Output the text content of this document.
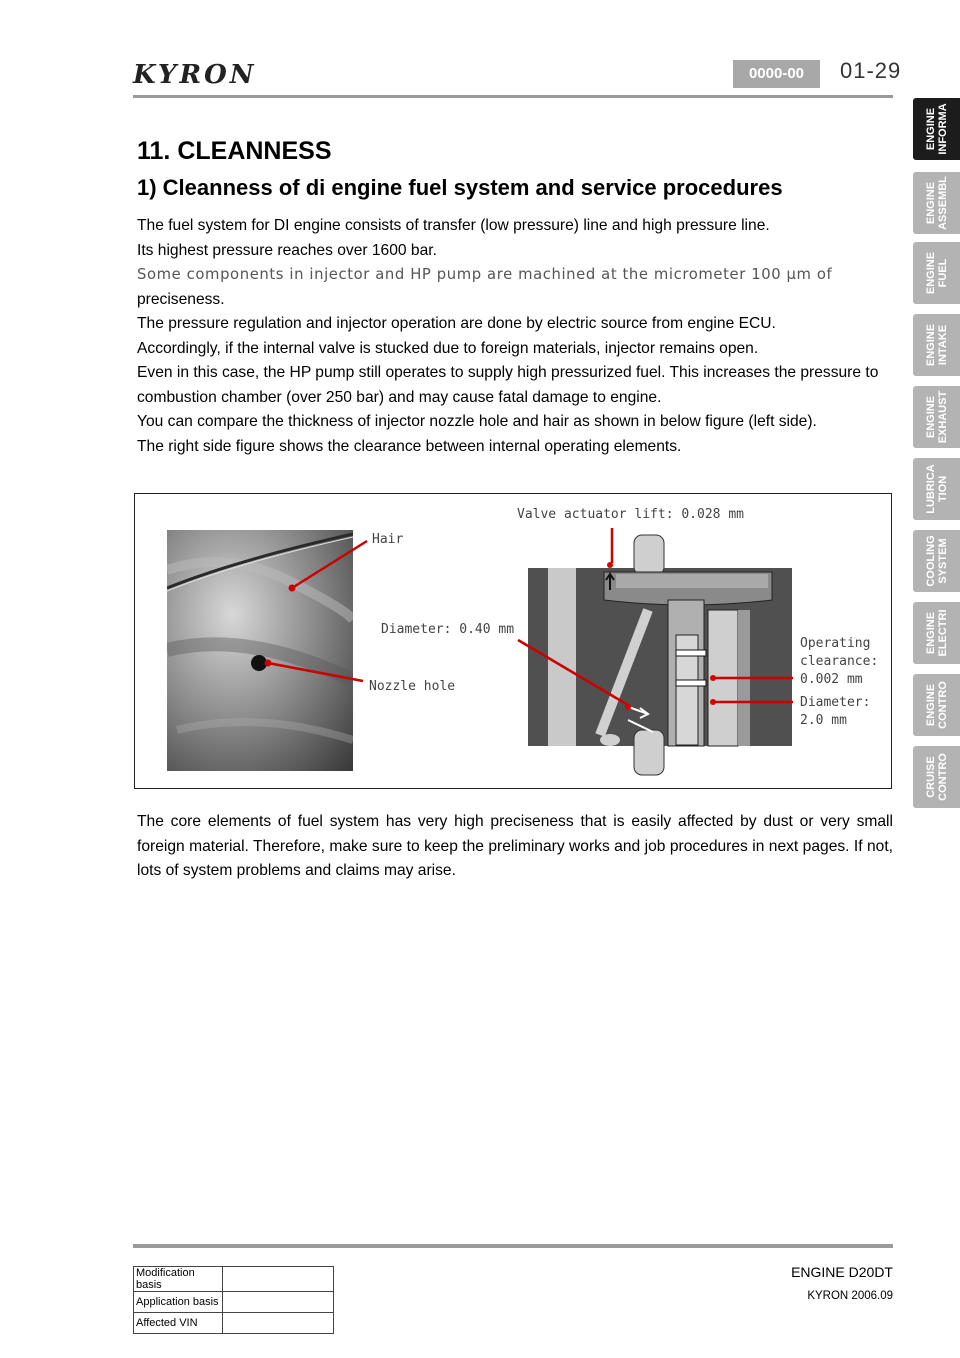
KYRON	0000-00	01-29
ENGINE
INFORMA
ENGINE
ASSEMBL
ENGINE
FUEL
ENGINE
INTAKE
ENGINE
EXHAUST
LUBRICA
TION
COOLING
SYSTEM
ENGINE
ELECTRI
ENGINE
CONTRO
CRUISE
CONTRO
11. CLEANNESS
1) Cleanness of di engine fuel system and service procedures

The fuel system for DI engine consists of transfer (low pressure) line and high pressure line.

Its highest pressure reaches over 1600 bar.

Some components in injector and HP pump are machined at the micrometer 100 μm of

preciseness.

The pressure regulation and injector operation are done by electric source from engine ECU.

Accordingly, if the internal valve is stucked due to foreign materials, injector remains open.

Even in this case, the HP pump still operates to supply high pressurized fuel. This increases the pressure to combustion chamber (over 250 bar) and may cause fatal damage to engine.

You can compare the thickness of injector nozzle hole and hair as shown in below figure (left side).

The right side figure shows the clearance between internal operating elements.

Hair
Nozzle hole
Diameter: 0.40 mm
Valve actuator lift: 0.028 mm
Operating
clearance:
0.002 mm
Diameter:
2.0 mm
The core elements of fuel system has very high preciseness that is easily affected by dust or very small foreign material. Therefore, make sure to keep the preliminary works and job procedures in next pages. If not, lots of system problems and claims may arise.
ENGINE D20DT
KYRON 2006.09
Modification basis	
Application basis	
Affected VIN	
